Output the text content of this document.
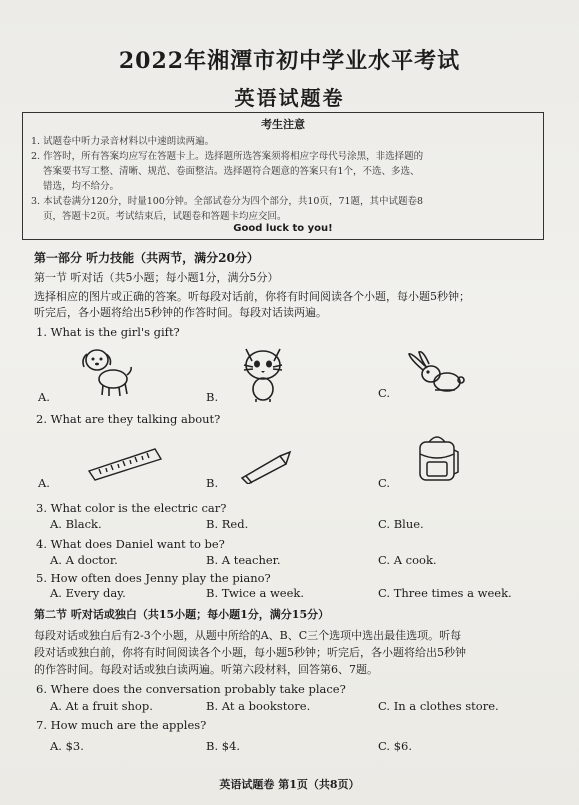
2022年湘潭市初中学业水平考试
英语试题卷
考生注意
1. 试题卷中听力录音材料以中速朗读两遍。
2. 作答时，所有答案均应写在答题卡上。选择题所选答案须将相应字母代号涂黑，非选择题的
答案要书写工整、清晰、规范、卷面整洁。选择题符合题意的答案只有1个，不选、多选、
错选，均不给分。
3. 本试卷满分120分，时量100分钟。全部试卷分为四个部分，共10页，71题，其中试题卷8
页，答题卡2页。考试结束后，试题卷和答题卡均应交回。
Good luck to you!
第一部分 听力技能（共两节，满分20分）
第一节 听对话（共5小题；每小题1分，满分5分）
选择相应的图片或正确的答案。听每段对话前，你将有时间阅读各个小题，每小题5秒钟；
听完后，各小题将给出5秒钟的作答时间。每段对话读两遍。
1. What is the girl's gift?
A.	B.	C.
2. What are they talking about?
A.	B.	C.
3. What color is the electric car?
A. Black.	B. Red.	C. Blue.
4. What does Daniel want to be?
A. A doctor.	B. A teacher.	C. A cook.
5. How often does Jenny play the piano?
A. Every day.	B. Twice a week.	C. Three times a week.
第二节 听对话或独白（共15小题；每小题1分，满分15分）
每段对话或独白后有2-3个小题，从题中所给的A、B、C三个选项中选出最佳选项。听每
段对话或独白前，你将有时间阅读各个小题，每小题5秒钟；听完后，各小题将给出5秒钟
的作答时间。每段对话或独白读两遍。听第六段材料，回答第6、7题。
6. Where does the conversation probably take place?
A. At a fruit shop.	B. At a bookstore.	C. In a clothes store.
7. How much are the apples?
A. $3.	B. $4.	C. $6.
英语试题卷 第1页（共8页）
